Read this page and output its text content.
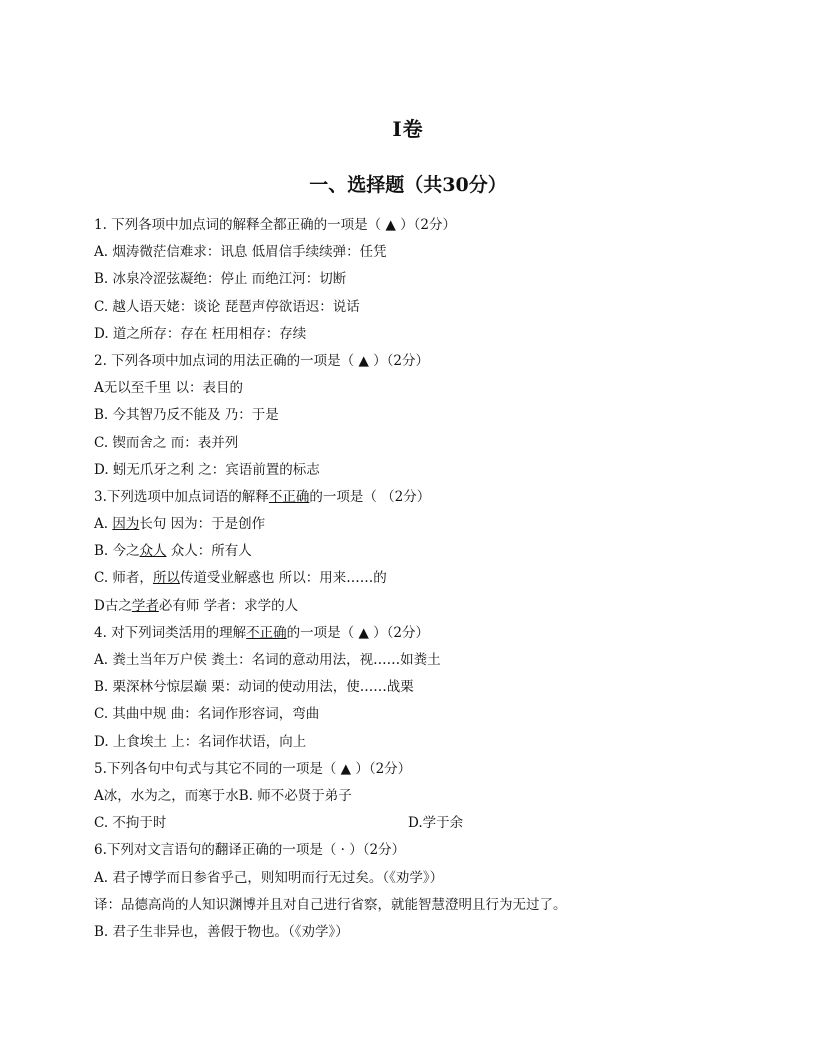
Ⅰ卷
一、选择题（共30分）
1. 下列各项中加点词的解释全都正确的一项是（ ▲ ）（2分）
A. 烟涛微茫信难求：讯息 低眉信手续续弹：任凭
B. 冰泉冷涩弦凝绝：停止 而绝江河：切断
C. 越人语天姥：谈论 琵琶声停欲语迟：说话
D. 道之所存：存在 枉用相存：存续
2. 下列各项中加点词的用法正确的一项是（ ▲ ）（2分）
A无以至千里 以：表目的
B. 今其智乃反不能及 乃：于是
C. 锲而舍之 而：表并列
D. 蚓无爪牙之利 之：宾语前置的标志
3.下列选项中加点词语的解释不正确的一项是（ （2分）
A. 因为长句 因为：于是创作
B. 今之众人 众人：所有人
C. 师者，所以传道受业解惑也 所以：用来……的
D古之学者必有师 学者：求学的人
4. 对下列词类活用的理解不正确的一项是（ ▲ ）（2分）
A. 粪土当年万户侯 粪土：名词的意动用法，视……如粪土
B. 栗深林兮惊层巅 栗：动词的使动用法，使……战栗
C. 其曲中规 曲：名词作形容词，弯曲
D. 上食埃土 上：名词作状语，向上
5.下列各句中句式与其它不同的一项是（ ▲ ）（2分）
A冰，水为之，而寒于水B. 师不必贤于弟子
C. 不拘于时	D.学于余
6.下列对文言语句的翻译正确的一项是（ · ）（2分）
A. 君子博学而日参省乎己，则知明而行无过矣。（《劝学》）
译：品德高尚的人知识渊博并且对自己进行省察，就能智慧澄明且行为无过了。
B. 君子生非异也，善假于物也。（《劝学》）
